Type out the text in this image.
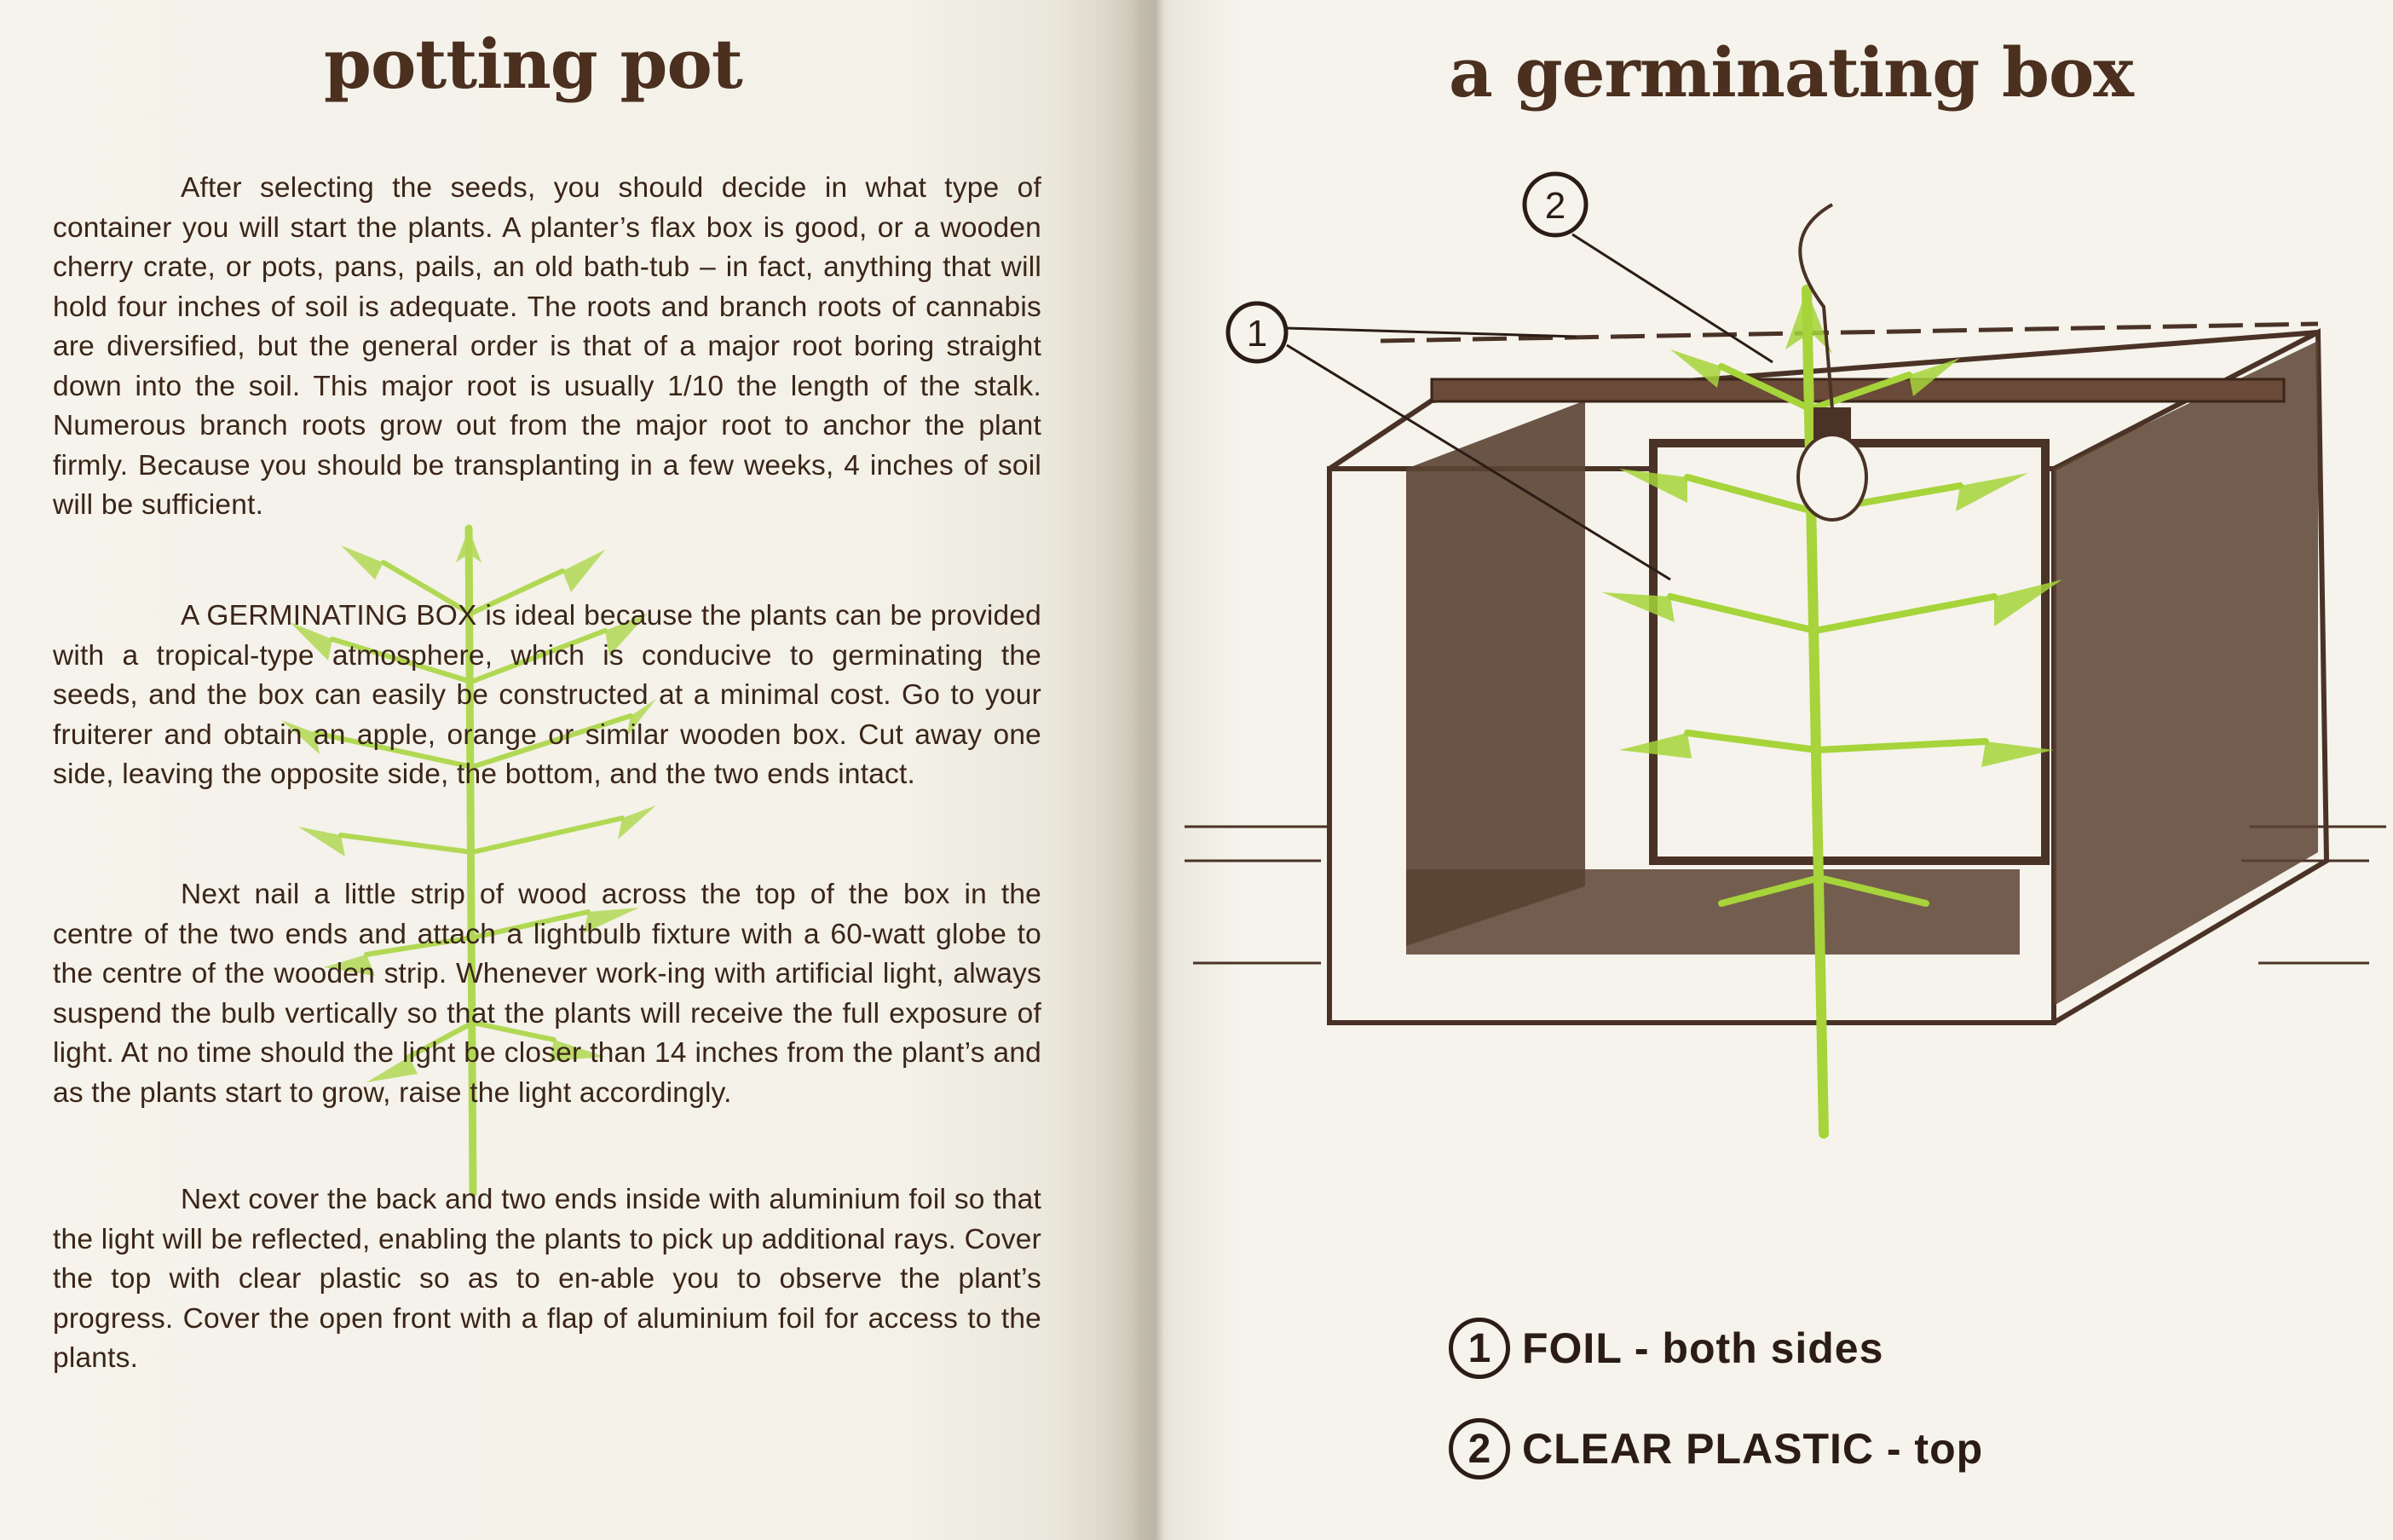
potting pot

After selecting the seeds, you should decide in what type of container you will start the plants. A planter’s flax box is good, or a wooden cherry crate, or pots, pans, pails, an old bath-tub – in fact, anything that will hold four inches of soil is adequate. The roots and branch roots of cannabis are diversified, but the general order is that of a major root boring straight down into the soil. This major root is usually 1/10 the length of the stalk. Numerous branch roots grow out from the major root to anchor the plant firmly. Because you should be transplanting in a few weeks, 4 inches of soil will be sufficient.

A GERMINATING BOX is ideal because the plants can be provided with a tropical-type atmosphere, which is conducive to germinating the seeds, and the box can easily be constructed at a minimal cost. Go to your fruiterer and obtain an apple, orange or similar wooden box. Cut away one side, leaving the opposite side, the bottom, and the two ends intact.

Next nail a little strip of wood across the top of the box in the centre of the two ends and attach a lightbulb fixture with a 60-watt globe to the centre of the wooden strip. Whenever work-ing with artificial light, always suspend the bulb vertically so that the plants will receive the full exposure of light. At no time should the light be closer than 14 inches from the plant’s and as the plants start to grow, raise the light accordingly.

Next cover the back and two ends inside with aluminium foil so that the light will be reflected, enabling the plants to pick up additional rays. Cover the top with clear plastic so as to en-able you to observe the plant’s progress. Cover the open front with a flap of aluminium foil for access to the plants.

a germinating box
1
2
1 FOIL - both sides
2 CLEAR PLASTIC - top
